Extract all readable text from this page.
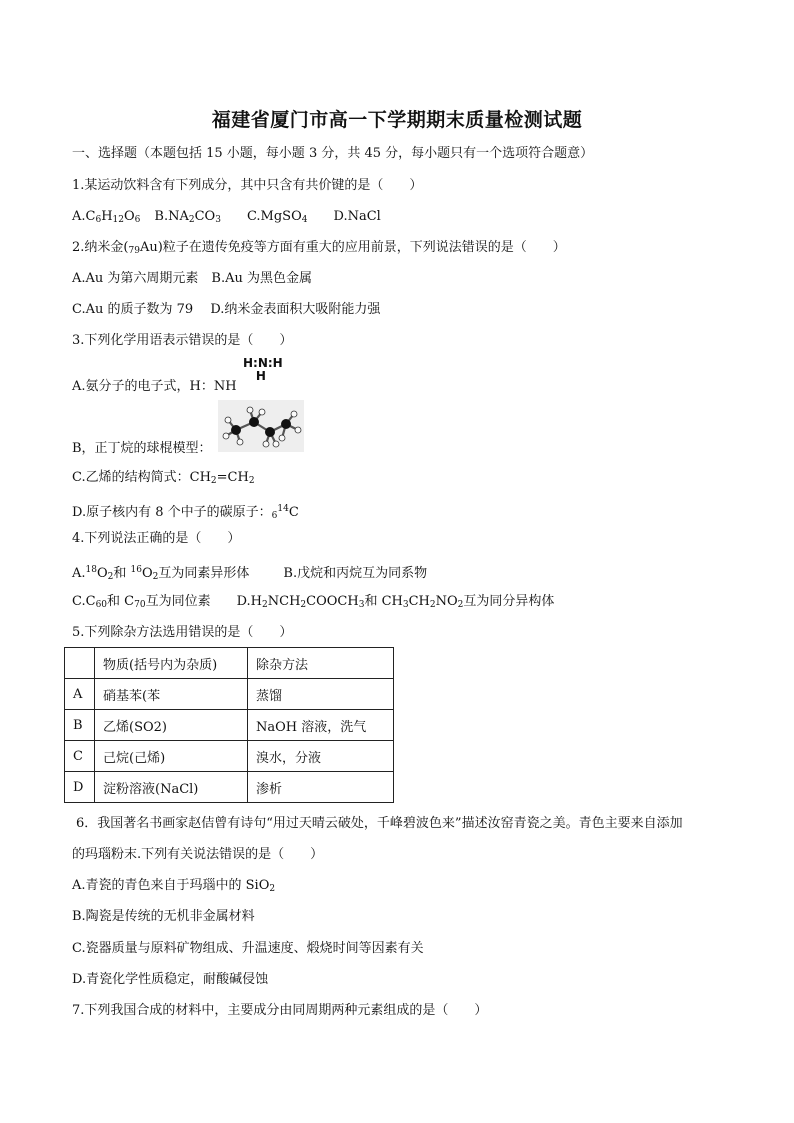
福建省厦门市高一下学期期末质量检测试题
一、选择题（本题包括 15 小题，每小题 3 分，共 45 分，每小题只有一个选项符合题意）
1.某运动饮料含有下列成分，其中只含有共价键的是（　　）
$A.C_6H_{12}O_6$ $B.NA_2CO_3$ C.MgSO$_4$ D.NaCl
2.纳米金$(_{79}Au)$粒子在遗传免疫等方面有重大的应用前景，下列说法错误的是（　　）
A.Au 为第六周期元素　B.Au 为黑色金属
C.Au 的质子数为 79　 D.纳米金表面积大吸附能力强
3.下列化学用语表示错误的是（　　）
A.氨分子的电子式，H：NH
H:N:H
H
B，正丁烷的球棍模型：
C.乙烯的结构简式：$CH_2=CH_2$
D.原子核内有 8 个中子的碳原子：$_6^{14}$C
4.下列说法正确的是（　　）
$A.^{18}O_2$和 $^{16}O_2$互为同素异形体	B.戊烷和丙烷互为同系物
$C.C_{60}$和 $C_{70}$互为同位素 $D.H_2NCH_2COOCH_3$和 $CH_3CH_2NO_2$互为同分异构体
5.下列除杂方法选用错误的是（　　）
	物质(括号内为杂质)	除杂方法
A	硝基苯(苯	蒸馏
B	乙烯(SO2)	NaOH 溶液，洗气
C	己烷(己烯)	溴水，分液
D	淀粉溶液(NaCl)	渗析
6．我国著名书画家赵佶曾有诗句“用过天晴云破处，千峰碧波色来”描述汝窑青瓷之美。青色主要来自添加
的玛瑙粉末.下列有关说法错误的是（　　）
A.青瓷的青色来自于玛瑙中的 SiO$_2$
B.陶瓷是传统的无机非金属材料
C.瓷器质量与原料矿物组成、升温速度、煅烧时间等因素有关
D.青瓷化学性质稳定，耐酸碱侵蚀
7.下列我国合成的材料中，主要成分由同周期两种元素组成的是（　　）
